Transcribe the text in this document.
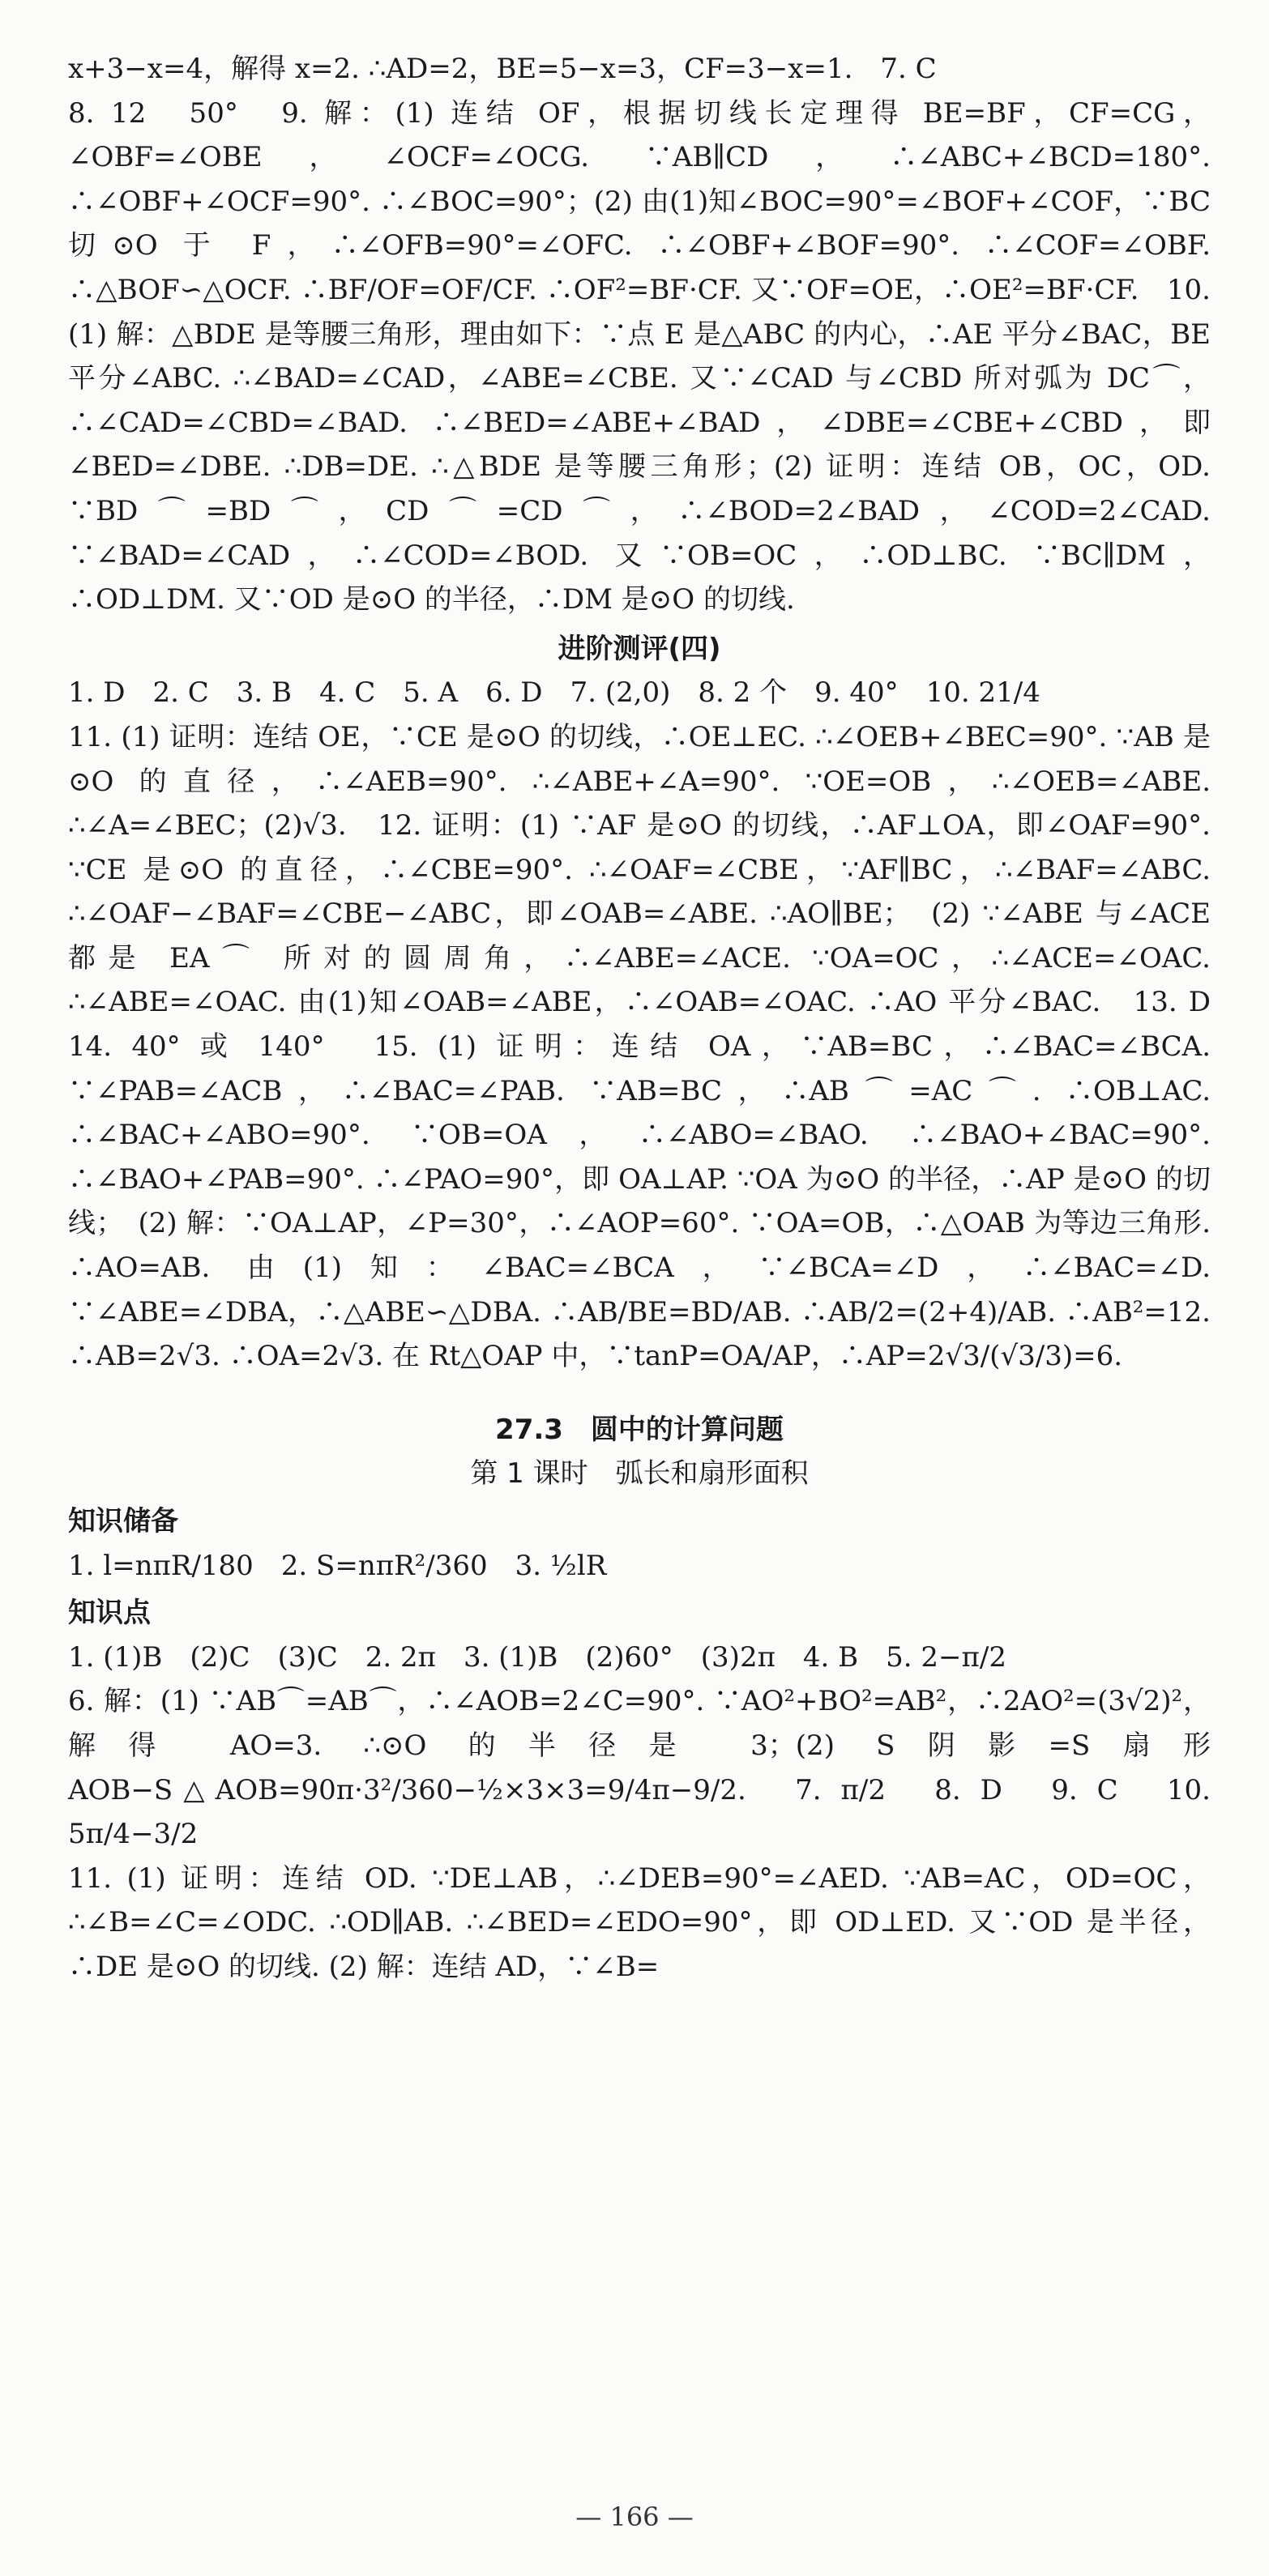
x+3−x=4，解得 x=2. ∴AD=2，BE=5−x=3，CF=3−x=1.　7. C

8. 12　50°　9. 解：(1) 连结 OF，根据切线长定理得 BE=BF，CF=CG，∠OBF=∠OBE，∠OCF=∠OCG. ∵AB∥CD，∴∠ABC+∠BCD=180°. ∴∠OBF+∠OCF=90°. ∴∠BOC=90°；(2) 由(1)知∠BOC=90°=∠BOF+∠COF，∵BC 切⊙O 于 F，∴∠OFB=90°=∠OFC. ∴∠OBF+∠BOF=90°. ∴∠COF=∠OBF. ∴△BOF∽△OCF. ∴BF/OF=OF/CF. ∴OF²=BF·CF. 又∵OF=OE，∴OE²=BF·CF.　10. (1) 解：△BDE 是等腰三角形，理由如下：∵点 E 是△ABC 的内心，∴AE 平分∠BAC，BE 平分∠ABC. ∴∠BAD=∠CAD，∠ABE=∠CBE. 又∵∠CAD 与∠CBD 所对弧为 DC⌒，∴∠CAD=∠CBD=∠BAD. ∴∠BED=∠ABE+∠BAD，∠DBE=∠CBE+∠CBD，即∠BED=∠DBE. ∴DB=DE. ∴△BDE 是等腰三角形；(2) 证明：连结 OB，OC，OD. ∵BD⌒=BD⌒，CD⌒=CD⌒，∴∠BOD=2∠BAD，∠COD=2∠CAD. ∵∠BAD=∠CAD，∴∠COD=∠BOD. 又∵OB=OC，∴OD⊥BC. ∵BC∥DM，∴OD⊥DM. 又∵OD 是⊙O 的半径，∴DM 是⊙O 的切线.

进阶测评(四)

1. D　2. C　3. B　4. C　5. A　6. D　7. (2,0)　8. 2 个　9. 40°　10. 21/4

11. (1) 证明：连结 OE，∵CE 是⊙O 的切线，∴OE⊥EC. ∴∠OEB+∠BEC=90°. ∵AB 是⊙O 的直径，∴∠AEB=90°. ∴∠ABE+∠A=90°. ∵OE=OB，∴∠OEB=∠ABE. ∴∠A=∠BEC；(2)√3.　12. 证明：(1) ∵AF 是⊙O 的切线，∴AF⊥OA，即∠OAF=90°. ∵CE 是⊙O 的直径，∴∠CBE=90°. ∴∠OAF=∠CBE，∵AF∥BC，∴∠BAF=∠ABC. ∴∠OAF−∠BAF=∠CBE−∠ABC，即∠OAB=∠ABE. ∴AO∥BE；　(2) ∵∠ABE 与∠ACE 都是 EA⌒ 所对的圆周角，∴∠ABE=∠ACE. ∵OA=OC，∴∠ACE=∠OAC. ∴∠ABE=∠OAC. 由(1)知∠OAB=∠ABE，∴∠OAB=∠OAC. ∴AO 平分∠BAC.　13. D　14. 40° 或 140°　15. (1) 证明：连结 OA，∵AB=BC，∴∠BAC=∠BCA. ∵∠PAB=∠ACB，∴∠BAC=∠PAB. ∵AB=BC，∴AB⌒=AC⌒. ∴OB⊥AC. ∴∠BAC+∠ABO=90°. ∵OB=OA，∴∠ABO=∠BAO. ∴∠BAO+∠BAC=90°. ∴∠BAO+∠PAB=90°. ∴∠PAO=90°，即 OA⊥AP. ∵OA 为⊙O 的半径，∴AP 是⊙O 的切线；　(2) 解：∵OA⊥AP，∠P=30°，∴∠AOP=60°. ∵OA=OB，∴△OAB 为等边三角形. ∴AO=AB. 由(1)知：∠BAC=∠BCA，∵∠BCA=∠D，∴∠BAC=∠D. ∵∠ABE=∠DBA，∴△ABE∽△DBA. ∴AB/BE=BD/AB. ∴AB/2=(2+4)/AB. ∴AB²=12. ∴AB=2√3. ∴OA=2√3. 在 Rt△OAP 中，∵tanP=OA/AP，∴AP=2√3/(√3/3)=6.

27.3　圆中的计算问题

第 1 课时　弧长和扇形面积

知识储备

1. l=nπR/180　2. S=nπR²/360　3. ½lR

知识点

1. (1)B　(2)C　(3)C　2. 2π　3. (1)B　(2)60°　(3)2π　4. B　5. 2−π/2

6. 解：(1) ∵AB⌒=AB⌒，∴∠AOB=2∠C=90°. ∵AO²+BO²=AB²，∴2AO²=(3√2)²，解得 AO=3. ∴⊙O 的半径是 3；(2) S阴影=S扇形AOB−S△AOB=90π·3²/360−½×3×3=9/4π−9/2.　7. π/2　8. D　9. C　10. 5π/4−3/2

11. (1) 证明：连结 OD. ∵DE⊥AB，∴∠DEB=90°=∠AED. ∵AB=AC，OD=OC，∴∠B=∠C=∠ODC. ∴OD∥AB. ∴∠BED=∠EDO=90°，即 OD⊥ED. 又∵OD 是半径，∴DE 是⊙O 的切线. (2) 解：连结 AD，∵∠B=

— 166 —
